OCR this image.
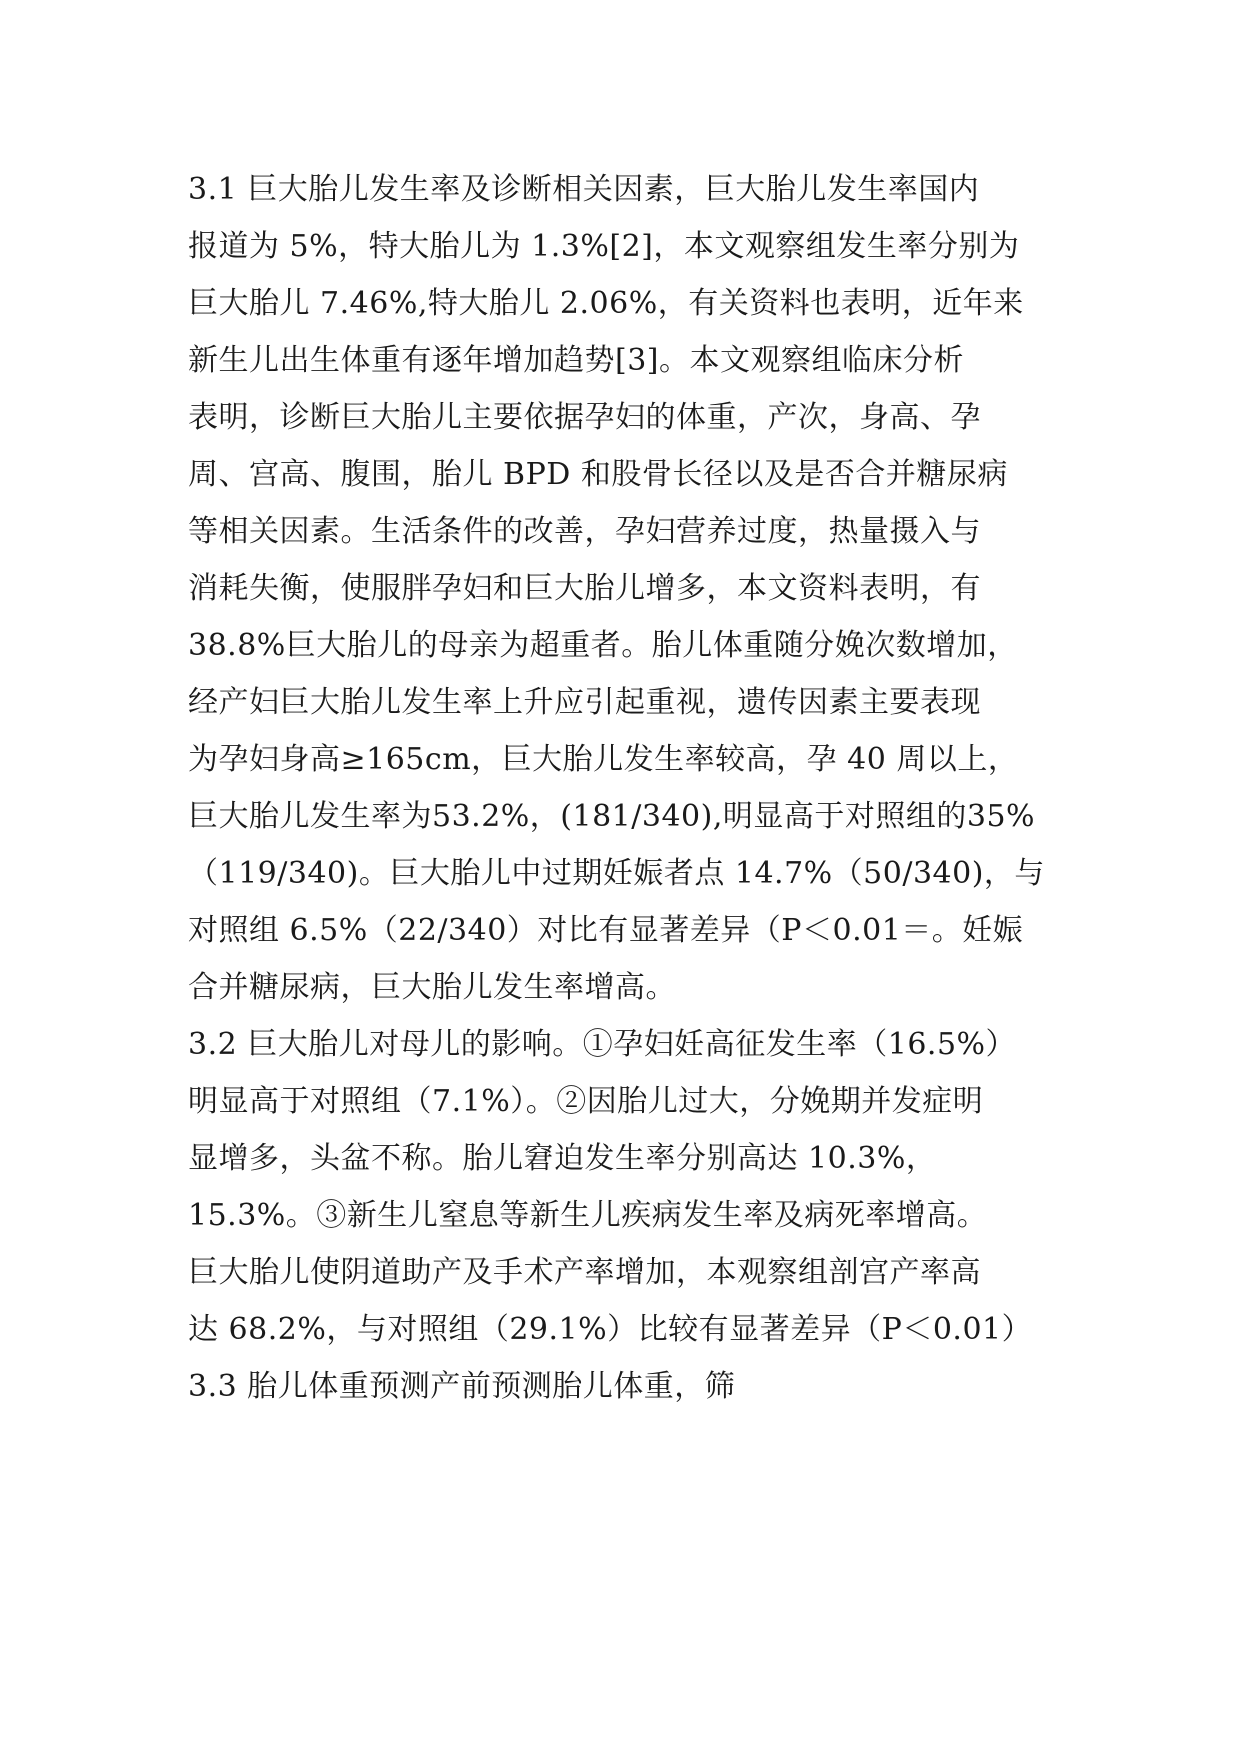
3.1 巨大胎儿发生率及诊断相关因素，巨大胎儿发生率国内
报道为 5%，特大胎儿为 1.3%[2]，本文观察组发生率分别为
巨大胎儿 7.46%,特大胎儿 2.06%，有关资料也表明，近年来
新生儿出生体重有逐年增加趋势[3]。本文观察组临床分析
表明，诊断巨大胎儿主要依据孕妇的体重，产次，身高、孕
周、宫高、腹围，胎儿 BPD 和股骨长径以及是否合并糖尿病
等相关因素。生活条件的改善，孕妇营养过度，热量摄入与
消耗失衡，使服胖孕妇和巨大胎儿增多，本文资料表明，有
38.8%巨大胎儿的母亲为超重者。胎儿体重随分娩次数增加，
经产妇巨大胎儿发生率上升应引起重视，遗传因素主要表现
为孕妇身高≥165cm，巨大胎儿发生率较高，孕 40 周以上，
巨大胎儿发生率为53.2%，(181/340),明显高于对照组的35%
（119/340)。巨大胎儿中过期妊娠者点 14.7%（50/340)，与
对照组 6.5%（22/340）对比有显著差异（P＜0.01＝。妊娠
合并糖尿病，巨大胎儿发生率增高。
3.2 巨大胎儿对母儿的影响。①孕妇妊高征发生率（16.5%）
明显高于对照组（7.1%）。②因胎儿过大，分娩期并发症明
显增多，头盆不称。胎儿窘迫发生率分别高达 10.3%，
15.3%。③新生儿窒息等新生儿疾病发生率及病死率增高。
巨大胎儿使阴道助产及手术产率增加，本观察组剖宫产率高
达 68.2%，与对照组（29.1%）比较有显著差异（P＜0.01）
3.3 胎儿体重预测产前预测胎儿体重，筛
